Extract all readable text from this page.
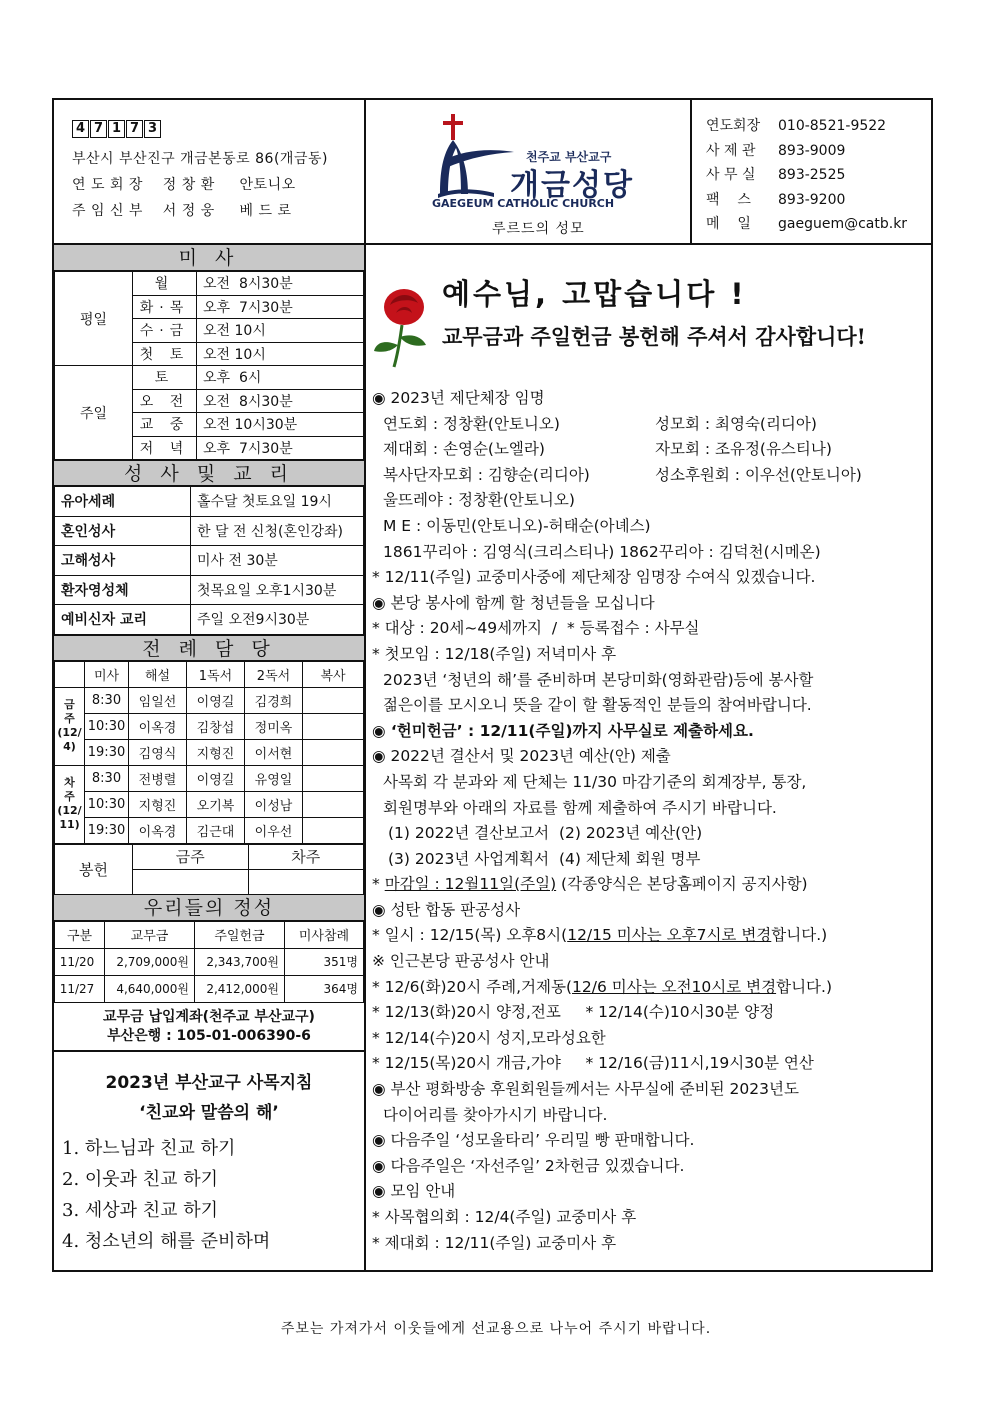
4 7 1 7 3
부산시 부산진구 개금본동로 86(개금동)
연 도 회 장 정 창 환 안토니오
주 임 신 부 서 정 웅 베 드 로
천주교 부산교구
개금성당
GAEGEUM CATHOLIC CHURCH
루르드의 성모
연도회장	010-8521-9522
사 제 관	893-9009
사 무 실	893-2525
팩    스	893-9200
메    일	gaeguem@catb.kr
미 사
평일	월	오전  8시30분
	화·목	오후  7시30분
	수·금	오전 10시
	첫 토	오전 10시
주일	토	오후  6시
	오 전	오전  8시30분
	교 중	오전 10시30분
	저 녁	오후  7시30분
성 사 및 교 리
유아세례	홀수달 첫토요일 19시
혼인성사	한 달 전 신청(혼인강좌)
고해성사	미사 전 30분
환자영성체	첫목요일 오후1시30분
예비신자 교리	주일 오전9시30분
전 례 담 당
	미사	해설	1독서	2독서	복사
금
주
(12/
4)	8:30	임일선	이영길	김경희	
	10:30	이옥경	김창섭	정미옥	
	19:30	김영식	지형진	이서현	
차
주
(12/
11)	8:30	전병렬	이영길	유영일	
	10:30	지형진	오기복	이성남	
	19:30	이옥경	김근대	이우선	
봉헌	금주	차주

우리들의 정성
구분	교무금	주일헌금	미사참례
11/20	2,709,000원	2,343,700원	351명
11/27	4,640,000원	2,412,000원	364명
교무금 납입계좌(천주교 부산교구)
부산은행 : 105-01-006390-6
2023년 부산교구 사목지침
‘친교와 말씀의 해’
1. 하느님과 친교 하기
2. 이웃과 친교 하기
3. 세상과 친교 하기
4. 청소년의 해를 준비하며
예수님, 고맙습니다 !
교무금과 주일헌금 봉헌해 주셔서 감사합니다!
◉ 2023년 제단체장 임명
연도회 : 정창환(안토니오)	성모회 : 최영숙(리디아)
제대회 : 손영순(노엘라)	자모회 : 조유정(유스티나)
복사단자모회 : 김향순(리디아)	성소후원회 : 이우선(안토니아)
울뜨레야 : 정창환(안토니오)
M E : 이동민(안토니오)-허태순(아녜스)
1861꾸리아 : 김영식(크리스티나) 1862꾸리아 : 김덕천(시메온)
* 12/11(주일) 교중미사중에 제단체장 임명장 수여식 있겠습니다.
◉ 본당 봉사에 함께 할 청년들을 모십니다
* 대상 : 20세~49세까지  /  * 등록접수 : 사무실
* 첫모임 : 12/18(주일) 저녁미사 후
2023년 ‘청년의 해’를 준비하며 본당미화(영화관람)등에 봉사할
젊은이를 모시오니 뜻을 같이 할 활동적인 분들의 참여바랍니다.
◉ ‘헌미헌금’ : 12/11(주일)까지 사무실로 제출하세요.
◉ 2022년 결산서 및 2023년 예산(안) 제출
사목회 각 분과와 제 단체는 11/30 마감기준의 회계장부, 통장,
회원명부와 아래의 자료를 함께 제출하여 주시기 바랍니다.
(1) 2022년 결산보고서  (2) 2023년 예산(안)
(3) 2023년 사업계획서  (4) 제단체 회원 명부
* 마감일 : 12월11일(주일) (각종양식은 본당홈페이지 공지사항)
◉ 성탄 합동 판공성사
* 일시 : 12/15(목) 오후8시(12/15 미사는 오후7시로 변경합니다.)
※ 인근본당 판공성사 안내
* 12/6(화)20시 주례,거제동(12/6 미사는 오전10시로 변경합니다.)
* 12/13(화)20시 양정,전포     * 12/14(수)10시30분 양정
* 12/14(수)20시 성지,모라성요한
* 12/15(목)20시 개금,가야     * 12/16(금)11시,19시30분 연산
◉ 부산 평화방송 후원회원들께서는 사무실에 준비된 2023년도
다이어리를 찾아가시기 바랍니다.
◉ 다음주일 ‘성모울타리’ 우리밀 빵 판매합니다.
◉ 다음주일은 ‘자선주일’ 2차헌금 있겠습니다.
◉ 모임 안내
* 사목협의회 : 12/4(주일) 교중미사 후
* 제대회 : 12/11(주일) 교중미사 후
주보는 가져가서 이웃들에게 선교용으로 나누어 주시기 바랍니다.
